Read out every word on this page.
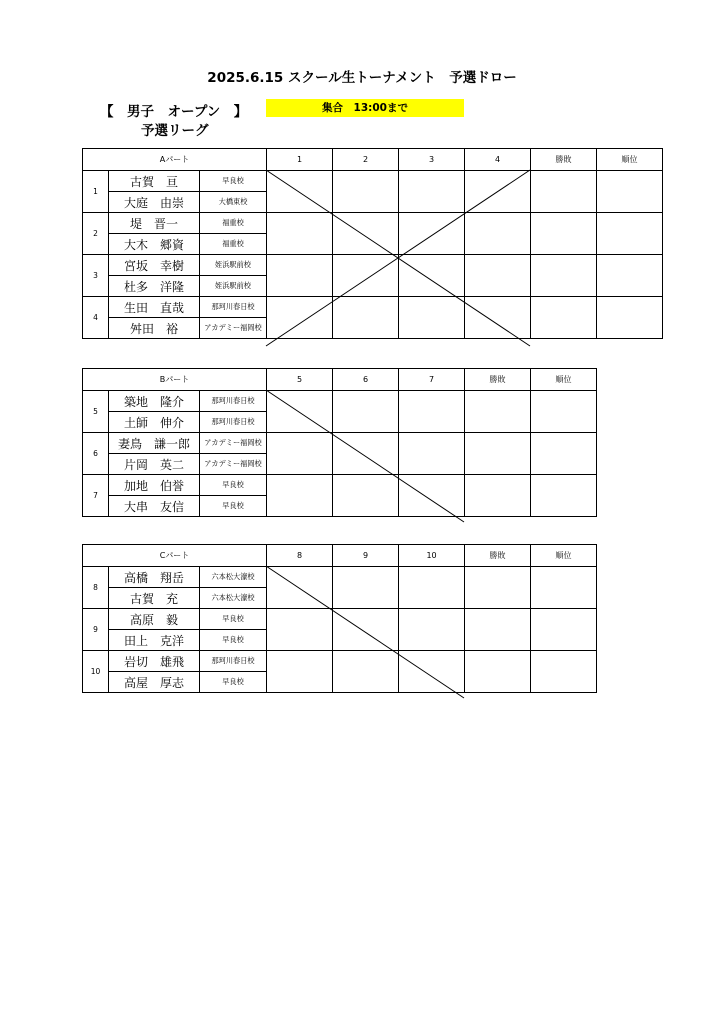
2025.6.15 スクール生トーナメント　予選ドロー
【　男子　オープン　】
予選リーグ
集合　13:00まで
Aパート			1	2	3	4	勝敗	順位
1	古賀　亘	早良校						
	大庭　由崇	大橋東校						
2	堤　晋一	福重校						
	大木　郷資	福重校						
3	宮坂　幸樹	姪浜駅前校						
	杜多　洋隆	姪浜駅前校						
4	生田　直哉	那珂川春日校						
	舛田　裕	アカデミー福岡校						
Bパート			5	6	7	勝敗	順位
5	築地　隆介	那珂川春日校					
	土師　伸介	那珂川春日校					
6	妻鳥　謙一郎	アカデミー福岡校					
	片岡　英二	アカデミー福岡校					
7	加地　伯誉	早良校					
	大串　友信	早良校					
Cパート			8	9	10	勝敗	順位
8	高橋　翔岳	六本松大濠校					
	古賀　充	六本松大濠校					
9	高原　毅	早良校					
	田上　克洋	早良校					
10	岩切　雄飛	那珂川春日校					
	高屋　厚志	早良校					
